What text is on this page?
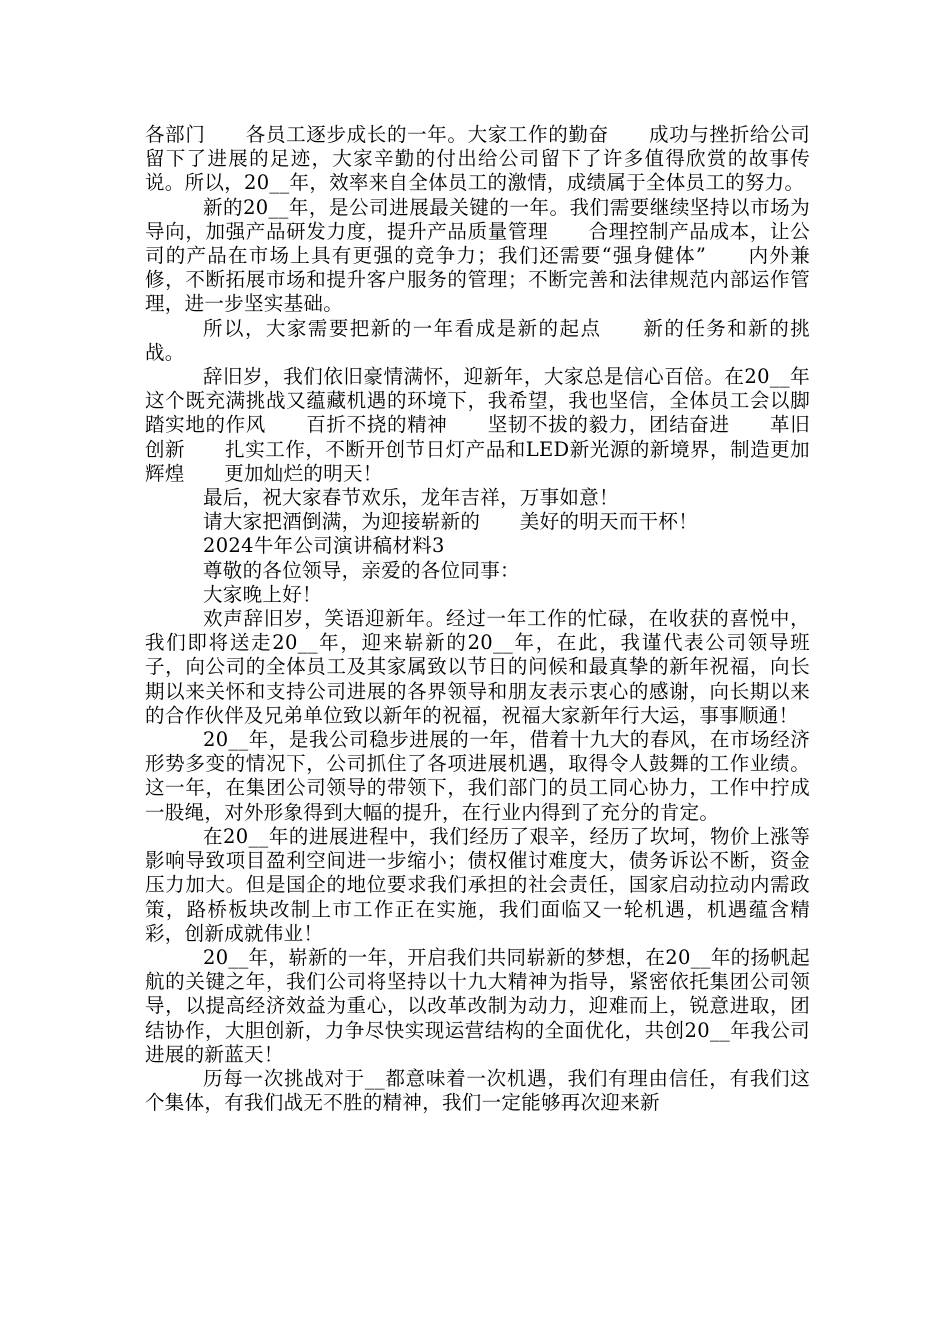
各部门　　各员工逐步成长的一年。大家工作的勤奋　　成功与挫折给公司留下了进展的足迹，大家辛勤的付出给公司留下了许多值得欣赏的故事传说。所以，20__年，效率来自全体员工的激情，成绩属于全体员工的努力。

新的20__年，是公司进展最关键的一年。我们需要继续坚持以市场为导向，加强产品研发力度，提升产品质量管理　　合理控制产品成本，让公司的产品在市场上具有更强的竞争力；我们还需要“强身健体”　　内外兼修，不断拓展市场和提升客户服务的管理；不断完善和法律规范内部运作管理，进一步坚实基础。

所以，大家需要把新的一年看成是新的起点　　新的任务和新的挑战。

辞旧岁，我们依旧豪情满怀，迎新年，大家总是信心百倍。在20__年这个既充满挑战又蕴藏机遇的环境下，我希望，我也坚信，全体员工会以脚踏实地的作风　　百折不挠的精神　　坚韧不拔的毅力，团结奋进　　革旧创新　　扎实工作，不断开创节日灯产品和LED新光源的新境界，制造更加辉煌　　更加灿烂的明天！

最后，祝大家春节欢乐，龙年吉祥，万事如意！

请大家把酒倒满，为迎接崭新的　　美好的明天而干杯！

2024牛年公司演讲稿材料3

尊敬的各位领导，亲爱的各位同事：

大家晚上好！

欢声辞旧岁，笑语迎新年。经过一年工作的忙碌，在收获的喜悦中，我们即将送走20__年，迎来崭新的20__年，在此，我谨代表公司领导班子，向公司的全体员工及其家属致以节日的问候和最真挚的新年祝福，向长期以来关怀和支持公司进展的各界领导和朋友表示衷心的感谢，向长期以来的合作伙伴及兄弟单位致以新年的祝福，祝福大家新年行大运，事事顺通！

20__年，是我公司稳步进展的一年，借着十九大的春风，在市场经济形势多变的情况下，公司抓住了各项进展机遇，取得令人鼓舞的工作业绩。这一年，在集团公司领导的带领下，我们部门的员工同心协力，工作中拧成一股绳，对外形象得到大幅的提升，在行业内得到了充分的肯定。

在20__年的进展进程中，我们经历了艰辛，经历了坎坷，物价上涨等影响导致项目盈利空间进一步缩小；债权催讨难度大，债务诉讼不断，资金压力加大。但是国企的地位要求我们承担的社会责任，国家启动拉动内需政策，路桥板块改制上市工作正在实施，我们面临又一轮机遇，机遇蕴含精彩，创新成就伟业！

20__年，崭新的一年，开启我们共同崭新的梦想，在20__年的扬帆起航的关键之年，我们公司将坚持以十九大精神为指导，紧密依托集团公司领导，以提高经济效益为重心，以改革改制为动力，迎难而上，锐意进取，团结协作，大胆创新，力争尽快实现运营结构的全面优化，共创20__年我公司进展的新蓝天！

历每一次挑战对于__都意味着一次机遇，我们有理由信任，有我们这个集体，有我们战无不胜的精神，我们一定能够再次迎来新
